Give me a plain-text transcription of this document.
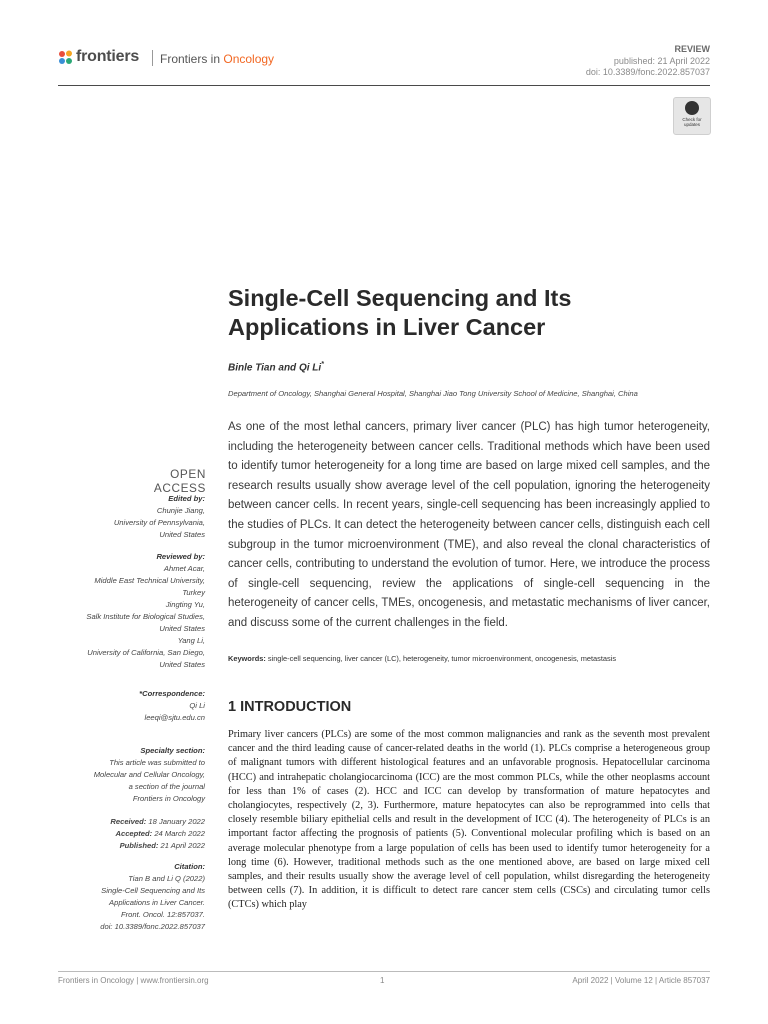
frontiers Frontiers in Oncology
REVIEW
published: 21 April 2022
doi: 10.3389/fonc.2022.857037
Check for updates
Single-Cell Sequencing and Its
Applications in Liver Cancer
Binle Tian and Qi Li*
Department of Oncology, Shanghai General Hospital, Shanghai Jiao Tong University School of Medicine, Shanghai, China

As one of the most lethal cancers, primary liver cancer (PLC) has high tumor heterogeneity, including the heterogeneity between cancer cells. Traditional methods which have been used to identify tumor heterogeneity for a long time are based on large mixed cell samples, and the research results usually show average level of the cell population, ignoring the heterogeneity between cancer cells. In recent years, single-cell sequencing has been increasingly applied to the studies of PLCs. It can detect the heterogeneity between cancer cells, distinguish each cell subgroup in the tumor microenvironment (TME), and also reveal the clonal characteristics of cancer cells, contributing to understand the evolution of tumor. Here, we introduce the process of single-cell sequencing, review the applications of single-cell sequencing in the heterogeneity of cancer cells, TMEs, oncogenesis, and metastatic mechanisms of liver cancer, and discuss some of the current challenges in the field.

Keywords: single-cell sequencing, liver cancer (LC), heterogeneity, tumor microenvironment, oncogenesis, metastasis
1 INTRODUCTION

Primary liver cancers (PLCs) are some of the most common malignancies and rank as the seventh most prevalent cancer and the third leading cause of cancer-related deaths in the world (1). PLCs comprise a heterogeneous group of malignant tumors with different histological features and an unfavorable prognosis. Hepatocellular carcinoma (HCC) and intrahepatic cholangiocarcinoma (ICC) are the most common PLCs, while the other neoplasms account for less than 1% of cases (2). HCC and ICC can develop by transformation of mature hepatocytes and cholangiocytes, respectively (2, 3). Furthermore, mature hepatocytes can also be reprogrammed into cells that closely resemble biliary epithelial cells and result in the development of ICC (4). The heterogeneity of PLCs is an important factor affecting the prognosis of patients (5). Conventional molecular profiling which is based on an average molecular phenotype from a large population of cells has been used to identify tumor heterogeneity for a long time (6). However, traditional methods such as the one mentioned above, are based on large mixed cell samples, and their results usually show the average level of cell population, whilst disregarding the heterogeneity between cells (7). In addition, it is difficult to detect rare cancer stem cells (CSCs) and circulating tumor cells (CTCs) which play

OPEN ACCESS
Edited by:
Chunjie Jiang,
University of Pennsylvania,
United States
Reviewed by:
Ahmet Acar,
Middle East Technical University,
Turkey
Jingting Yu,
Salk Institute for Biological Studies,
United States
Yang Li,
University of California, San Diego,
United States
*Correspondence:
Qi Li
leeqi@sjtu.edu.cn
Specialty section:
This article was submitted to
Molecular and Cellular Oncology,
a section of the journal
Frontiers in Oncology
Received: 18 January 2022
Accepted: 24 March 2022
Published: 21 April 2022
Citation:
Tian B and Li Q (2022)
Single-Cell Sequencing and Its
Applications in Liver Cancer.
Front. Oncol. 12:857037.
doi: 10.3389/fonc.2022.857037
Frontiers in Oncology | www.frontiersin.org	1	April 2022 | Volume 12 | Article 857037
